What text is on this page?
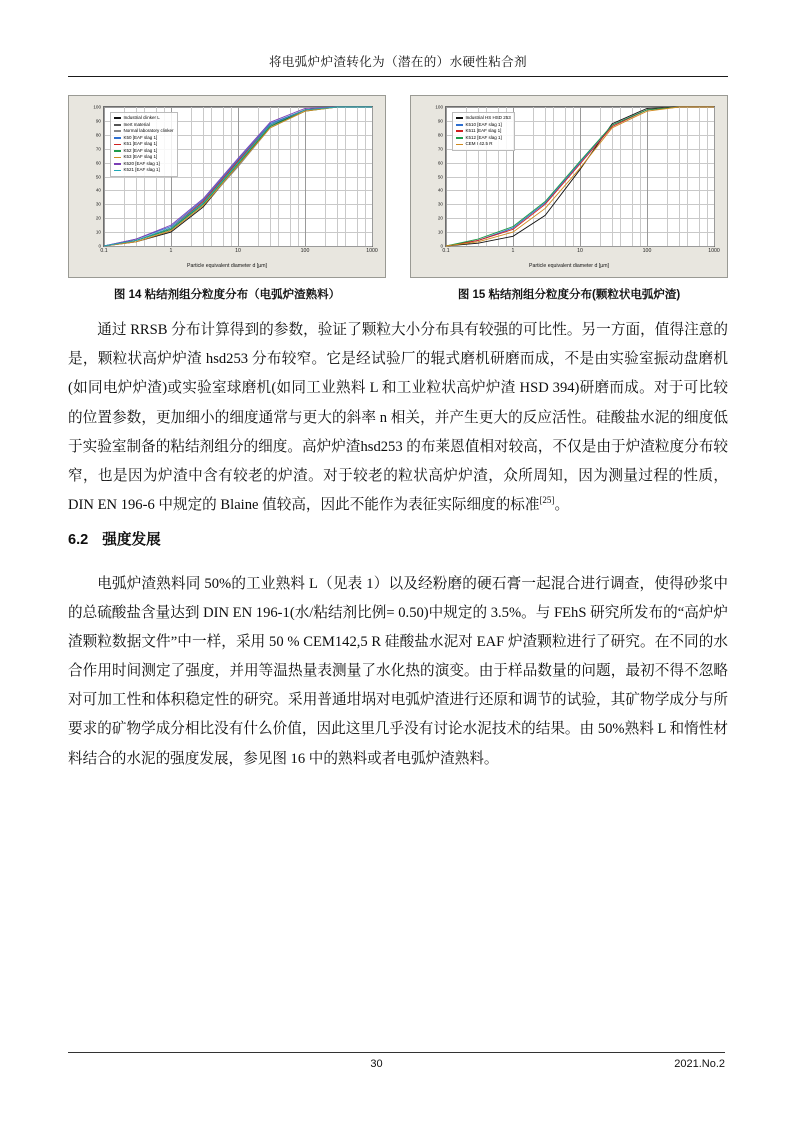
将电弧炉炉渣转化为（潜在的）水硬性粘合剂
Particle equivalent diameter d [µm]
100
90
80
70
60
50
40
30
20
10
0
0.1	1	10	100	1000
Industrial clinker L
Inert material
Normal laboratory clinker
K50 [EAF slag 1]
K51 [EAF slag 1]
K52 [EAF slag 1]
K53 [EAF slag 1]
K520 [EAF slag 1]
K521 [EAF slag 1]
图 14 粘结剂组分粒度分布（电弧炉渣熟料）
Particle equivalent diameter d [µm]
100
90
80
70
60
50
40
30
20
10
0
0.1	1	10	100	1000
Industrial HS HSD 253
K510 [EAF slag 1]
K511 [EAF slag 1]
K512 [EAF slag 1]
CEM I 42.5 R
图 15 粘结剂组分粒度分布(颗粒状电弧炉渣)

通过 RRSB 分布计算得到的参数，验证了颗粒大小分布具有较强的可比性。另一方面，值得注意的是，颗粒状高炉炉渣 hsd253 分布较窄。它是经试验厂的辊式磨机研磨而成，不是由实验室振动盘磨机(如同电炉炉渣)或实验室球磨机(如同工业熟料 L 和工业粒状高炉炉渣 HSD 394)研磨而成。对于可比较的位置参数，更加细小的细度通常与更大的斜率 n 相关，并产生更大的反应活性。硅酸盐水泥的细度低于实验室制备的粘结剂组分的细度。高炉炉渣hsd253 的布莱恩值相对较高，不仅是由于炉渣粒度分布较窄，也是因为炉渣中含有较老的炉渣。对于较老的粒状高炉炉渣，众所周知，因为测量过程的性质，DIN EN 196-6 中规定的 Blaine 值较高，因此不能作为表征实际细度的标准[25]。

6.2 强度发展

电弧炉渣熟料同 50%的工业熟料 L（见表 1）以及经粉磨的硬石膏一起混合进行调查，使得砂浆中的总硫酸盐含量达到 DIN EN 196-1(水/粘结剂比例= 0.50)中规定的 3.5%。与 FEhS 研究所发布的“高炉炉渣颗粒数据文件”中一样，采用 50 % CEM142,5 R 硅酸盐水泥对 EAF 炉渣颗粒进行了研究。在不同的水合作用时间测定了强度，并用等温热量表测量了水化热的演变。由于样品数量的问题，最初不得不忽略对可加工性和体积稳定性的研究。采用普通坩埚对电弧炉渣进行还原和调节的试验，其矿物学成分与所要求的矿物学成分相比没有什么价值，因此这里几乎没有讨论水泥技术的结果。由 50%熟料 L 和惰性材料结合的水泥的强度发展，参见图 16 中的熟料或者电弧炉渣熟料。

30	2021.No.2
